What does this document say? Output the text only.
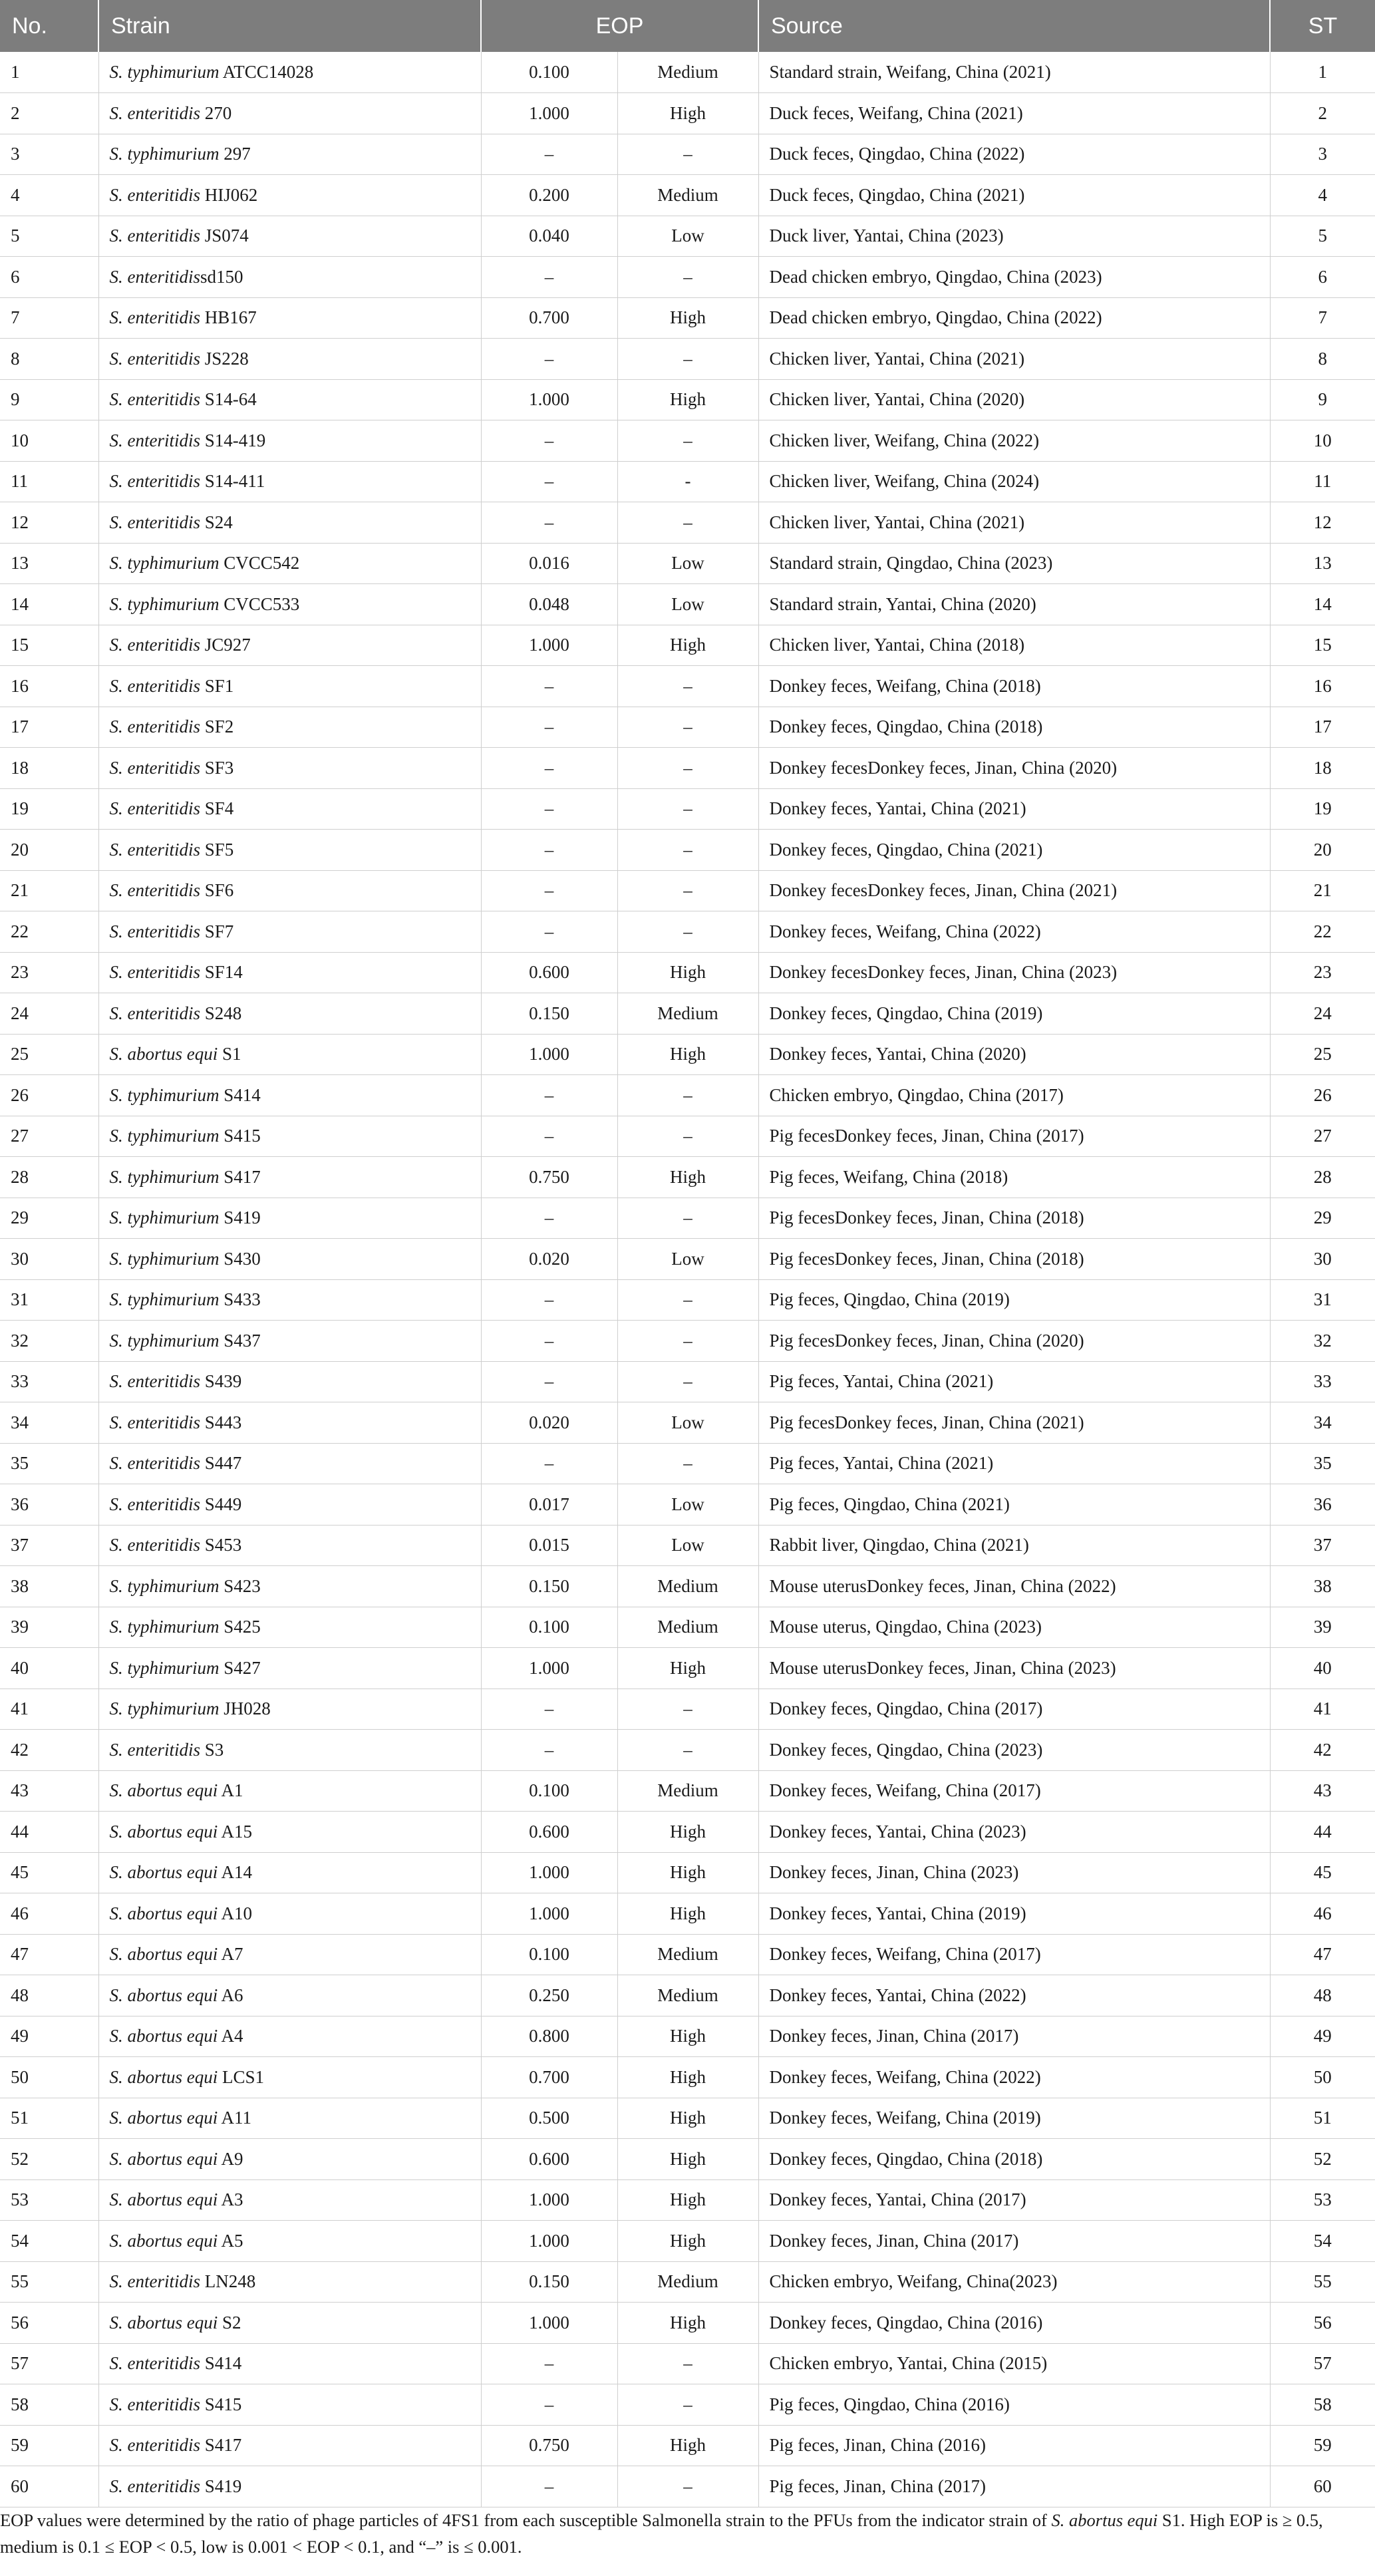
No.	Strain	EOP		Source	ST
1	S. typhimurium ATCC14028	0.100	Medium	Standard strain, Weifang, China (2021)	1
2	S. enteritidis 270	1.000	High	Duck feces, Weifang, China (2021)	2
3	S. typhimurium 297	–	–	Duck feces, Qingdao, China (2022)	3
4	S. enteritidis HIJ062	0.200	Medium	Duck feces, Qingdao, China (2021)	4
5	S. enteritidis JS074	0.040	Low	Duck liver, Yantai, China (2023)	5
6	S. enteritidissd150	–	–	Dead chicken embryo, Qingdao, China (2023)	6
7	S. enteritidis HB167	0.700	High	Dead chicken embryo, Qingdao, China (2022)	7
8	S. enteritidis JS228	–	–	Chicken liver, Yantai, China (2021)	8
9	S. enteritidis S14-64	1.000	High	Chicken liver, Yantai, China (2020)	9
10	S. enteritidis S14-419	–	–	Chicken liver, Weifang, China (2022)	10
11	S. enteritidis S14-411	–	-	Chicken liver, Weifang, China (2024)	11
12	S. enteritidis S24	–	–	Chicken liver, Yantai, China (2021)	12
13	S. typhimurium CVCC542	0.016	Low	Standard strain, Qingdao, China (2023)	13
14	S. typhimurium CVCC533	0.048	Low	Standard strain, Yantai, China (2020)	14
15	S. enteritidis JC927	1.000	High	Chicken liver, Yantai, China (2018)	15
16	S. enteritidis SF1	–	–	Donkey feces, Weifang, China (2018)	16
17	S. enteritidis SF2	–	–	Donkey feces, Qingdao, China (2018)	17
18	S. enteritidis SF3	–	–	Donkey fecesDonkey feces, Jinan, China (2020)	18
19	S. enteritidis SF4	–	–	Donkey feces, Yantai, China (2021)	19
20	S. enteritidis SF5	–	–	Donkey feces, Qingdao, China (2021)	20
21	S. enteritidis SF6	–	–	Donkey fecesDonkey feces, Jinan, China (2021)	21
22	S. enteritidis SF7	–	–	Donkey feces, Weifang, China (2022)	22
23	S. enteritidis SF14	0.600	High	Donkey fecesDonkey feces, Jinan, China (2023)	23
24	S. enteritidis S248	0.150	Medium	Donkey feces, Qingdao, China (2019)	24
25	S. abortus equi S1	1.000	High	Donkey feces, Yantai, China (2020)	25
26	S. typhimurium S414	–	–	Chicken embryo, Qingdao, China (2017)	26
27	S. typhimurium S415	–	–	Pig fecesDonkey feces, Jinan, China (2017)	27
28	S. typhimurium S417	0.750	High	Pig feces, Weifang, China (2018)	28
29	S. typhimurium S419	–	–	Pig fecesDonkey feces, Jinan, China (2018)	29
30	S. typhimurium S430	0.020	Low	Pig fecesDonkey feces, Jinan, China (2018)	30
31	S. typhimurium S433	–	–	Pig feces, Qingdao, China (2019)	31
32	S. typhimurium S437	–	–	Pig fecesDonkey feces, Jinan, China (2020)	32
33	S. enteritidis S439	–	–	Pig feces, Yantai, China (2021)	33
34	S. enteritidis S443	0.020	Low	Pig fecesDonkey feces, Jinan, China (2021)	34
35	S. enteritidis S447	–	–	Pig feces, Yantai, China (2021)	35
36	S. enteritidis S449	0.017	Low	Pig feces, Qingdao, China (2021)	36
37	S. enteritidis S453	0.015	Low	Rabbit liver, Qingdao, China (2021)	37
38	S. typhimurium S423	0.150	Medium	Mouse uterusDonkey feces, Jinan, China (2022)	38
39	S. typhimurium S425	0.100	Medium	Mouse uterus, Qingdao, China (2023)	39
40	S. typhimurium S427	1.000	High	Mouse uterusDonkey feces, Jinan, China (2023)	40
41	S. typhimurium JH028	–	–	Donkey feces, Qingdao, China (2017)	41
42	S. enteritidis S3	–	–	Donkey feces, Qingdao, China (2023)	42
43	S. abortus equi A1	0.100	Medium	Donkey feces, Weifang, China (2017)	43
44	S. abortus equi A15	0.600	High	Donkey feces, Yantai, China (2023)	44
45	S. abortus equi A14	1.000	High	Donkey feces, Jinan, China (2023)	45
46	S. abortus equi A10	1.000	High	Donkey feces, Yantai, China (2019)	46
47	S. abortus equi A7	0.100	Medium	Donkey feces, Weifang, China (2017)	47
48	S. abortus equi A6	0.250	Medium	Donkey feces, Yantai, China (2022)	48
49	S. abortus equi A4	0.800	High	Donkey feces, Jinan, China (2017)	49
50	S. abortus equi LCS1	0.700	High	Donkey feces, Weifang, China (2022)	50
51	S. abortus equi A11	0.500	High	Donkey feces, Weifang, China (2019)	51
52	S. abortus equi A9	0.600	High	Donkey feces, Qingdao, China (2018)	52
53	S. abortus equi A3	1.000	High	Donkey feces, Yantai, China (2017)	53
54	S. abortus equi A5	1.000	High	Donkey feces, Jinan, China (2017)	54
55	S. enteritidis LN248	0.150	Medium	Chicken embryo, Weifang, China(2023)	55
56	S. abortus equi S2	1.000	High	Donkey feces, Qingdao, China (2016)	56
57	S. enteritidis S414	–	–	Chicken embryo, Yantai, China (2015)	57
58	S. enteritidis S415	–	–	Pig feces, Qingdao, China (2016)	58
59	S. enteritidis S417	0.750	High	Pig feces, Jinan, China (2016)	59
60	S. enteritidis S419	–	–	Pig feces, Jinan, China (2017)	60
EOP values were determined by the ratio of phage particles of 4FS1 from each susceptible Salmonella strain to the PFUs from the indicator strain of S. abortus equi S1. High EOP is ≥ 0.5, medium is 0.1 ≤ EOP < 0.5, low is 0.001 < EOP < 0.1, and “–” is ≤ 0.001.
